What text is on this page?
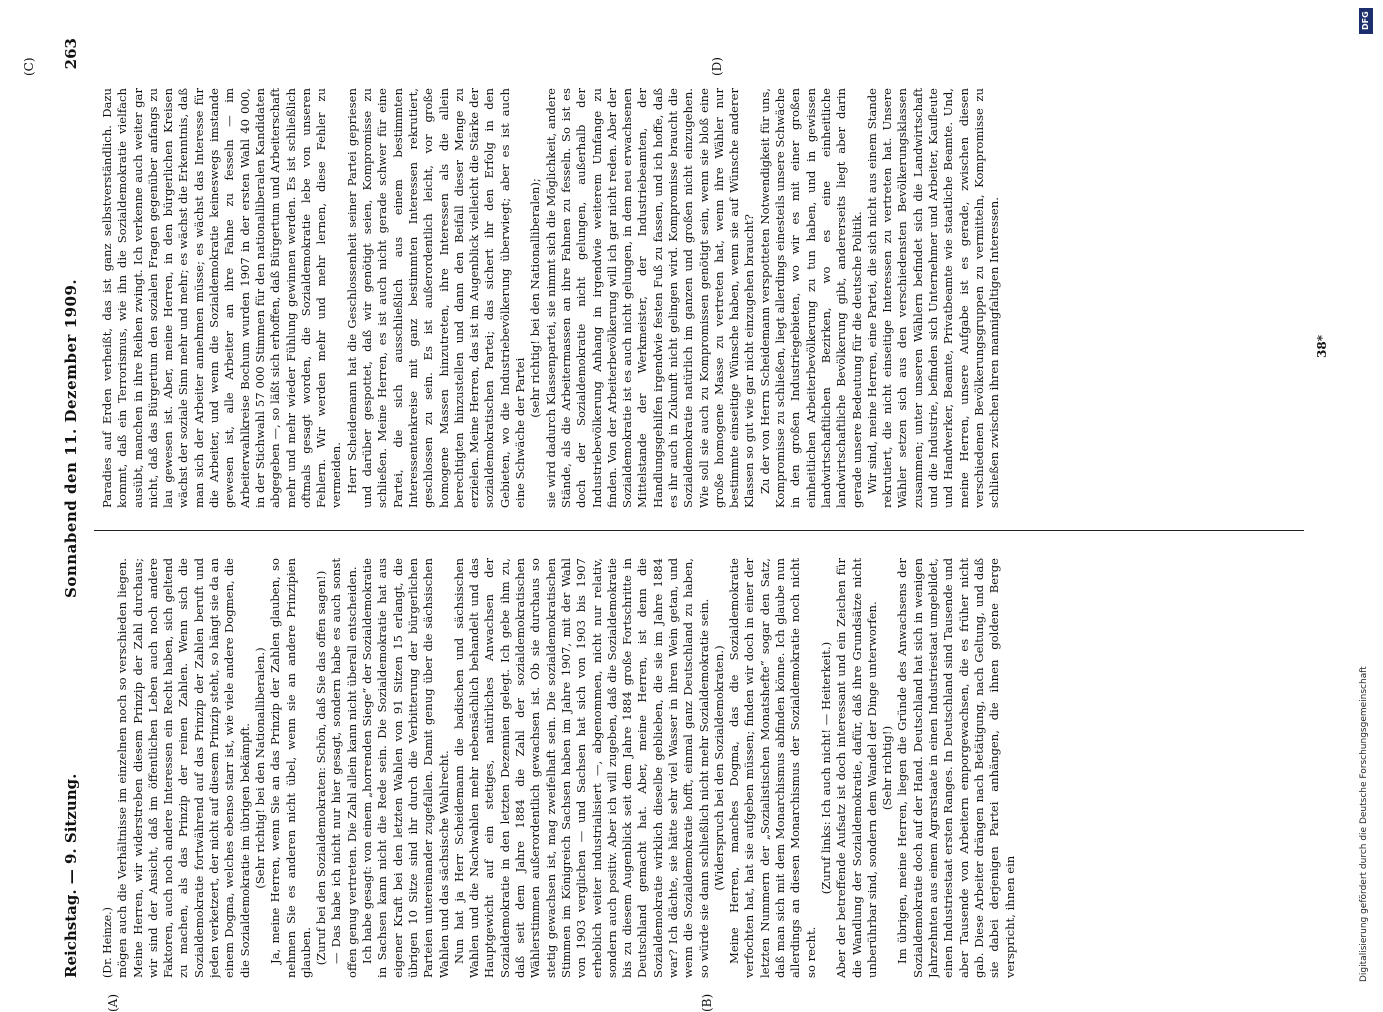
Reichstag. — 9. Sitzung.
Sonnabend den 11. Dezember 1909.
263
(A)	(B)
(C)	(D)

(Dr. Heinze.) mögen auch die Verhältnisse im einzelnen noch so verschieden liegen. Meine Herren, wir widerstreben diesem Prinzip der Zahl durchaus; wir sind der Ansicht, daß im öffentlichen Leben auch noch andere Faktoren, auch noch andere Interessen ein Recht haben, sich geltend zu machen, als das Prinzip der reinen Zahlen. Wenn sich die Sozialdemokratie fortwährend auf das Prinzip der Zahlen beruft und jeden verketzert, der nicht auf diesem Prinzip steht, so hängt sie da an einem Dogma, welches ebenso starr ist, wie viele andere Dogmen, die die Sozialdemokratie im übrigen bekämpft. (Sehr richtig! bei den Nationalliberalen.) Ja, meine Herren, wenn Sie an das Prinzip der Zahlen glauben, so nehmen Sie es anderen nicht übel, wenn sie an andere Prinzipien glauben. (Zuruf bei den Sozialdemokraten: Schön, daß Sie das offen sagen!) — Das habe ich nicht nur hier gesagt, sondern habe es auch sonst offen genug vertreten. Die Zahl allein kann nicht überall entscheiden. Ich habe gesagt: von einem „horrenden Siege“ der Sozialdemokratie in Sachsen kann nicht die Rede sein. Die Sozialdemokratie hat aus eigener Kraft bei den letzten Wahlen von 91 Sitzen 15 erlangt, die übrigen 10 Sitze sind ihr durch die Verbitterung der bürgerlichen Parteien untereinander zugefallen. Damit genug über die sächsischen Wahlen und das sächsische Wahlrecht. Nun hat ja Herr Scheidemann die badischen und sächsischen Wahlen und die Nachwahlen mehr nebensächlich behandelt und das Hauptgewicht auf ein stetiges, natürliches Anwachsen der Sozialdemokratie in den letzten Dezennien gelegt. Ich gebe ihm zu, daß seit dem Jahre 1884 die Zahl der sozialdemokratischen Wählerstimmen außerordentlich gewachsen ist. Ob sie durchaus so stetig gewachsen ist, mag zweifelhaft sein. Die sozialdemokratischen Stimmen im Königreich Sachsen haben im Jahre 1907, mit der Wahl von 1903 verglichen — und Sachsen hat sich von 1903 bis 1907 erheblich weiter industrialisiert —, abgenommen, nicht nur relativ, sondern auch positiv. Aber ich will zugeben, daß die Sozialdemokratie bis zu diesem Augenblick seit dem Jahre 1884 große Fortschritte in Deutschland gemacht hat. Aber, meine Herren, ist denn die Sozialdemokratie wirklich dieselbe geblieben, die sie im Jahre 1884 war? Ich dächte, sie hätte sehr viel Wasser in ihren Wein getan, und wenn die Sozialdemokratie hofft, einmal ganz Deutschland zu haben, so würde sie dann schließlich nicht mehr Sozialdemokratie sein. (Widerspruch bei den Sozialdemokraten.) Meine Herren, manches Dogma, das die Sozialdemokratie verfochten hat, hat sie aufgeben müssen; finden wir doch in einer der letzten Nummern der „Sozialistischen Monatshefte“ sogar den Satz, daß man sich mit dem Monarchismus abfinden könne. Ich glaube nun allerdings an diesen Monarchismus der Sozialdemokratie noch nicht so recht.

(Zuruf links: Ich auch nicht! — Heiterkeit.) Aber der betreffende Aufsatz ist doch interessant und ein Zeichen für die Wandlung der Sozialdemokratie, dafür, daß ihre Grundsätze nicht unberührbar sind, sondern dem Wandel der Dinge unterworfen. (Sehr richtig!) Im übrigen, meine Herren, liegen die Gründe des Anwachsens der Sozialdemokratie doch auf der Hand. Deutschland hat sich in wenigen Jahrzehnten aus einem Agrarstaate in einen Industriestaat umgebildet, einen Industriestaat ersten Ranges. In Deutschland sind Tausende und aber Tausende von Arbeitern emporgewachsen, die es früher nicht gab. Diese Arbeiter drängen nach Betätigung, nach Geltung, und daß sie dabei derjenigen Partei anhängen, die ihnen goldene Berge verspricht, ihnen ein

Paradies auf Erden verheißt, das ist ganz selbstverständlich. Dazu kommt, daß ein Terrorismus, wie ihn die Sozialdemokratie vielfach ausübt, manchen in ihre Reihen zwingt. Ich verkenne auch weiter gar nicht, daß das Bürgertum den sozialen Fragen gegenüber anfangs zu lau gewesen ist. Aber, meine Herren, in den bürgerlichen Kreisen wächst der soziale Sinn mehr und mehr; es wächst die Erkenntnis, daß man sich der Arbeiter annehmen müsse; es wächst das Interesse für die Arbeiter, und wenn die Sozialdemokratie keineswegs imstande gewesen ist, alle Arbeiter an ihre Fahne zu fesseln — im Arbeiterwahlkreise Bochum wurden 1907 in der ersten Wahl 40 000, in der Stichwahl 57 000 Stimmen für den nationalliberalen Kandidaten abgegeben —, so läßt sich erhoffen, daß Bürgertum und Arbeiterschaft mehr und mehr wieder Fühlung gewinnen werden. Es ist schließlich oftmals gesagt worden, die Sozialdemokratie lebe von unseren Fehlern. Wir werden mehr und mehr lernen, diese Fehler zu vermeiden. Herr Scheidemann hat die Geschlossenheit seiner Partei gepriesen und darüber gespottet, daß wir genötigt seien, Kompromisse zu schließen. Meine Herren, es ist auch nicht gerade schwer für eine Partei, die sich ausschließlich aus einem bestimmten Interessentenkreise mit ganz bestimmten Interessen rekrutiert, geschlossen zu sein. Es ist außerordentlich leicht, vor große homogene Massen hinzutreten, ihre Interessen als die allein berechtigten hinzustellen und dann den Beifall dieser Menge zu erzielen. Meine Herren, das ist im Augenblick vielleicht die Stärke der sozialdemokratischen Partei; das sichert ihr den Erfolg in den Gebieten, wo die Industriebevölkerung überwiegt; aber es ist auch eine Schwäche der Partei

(sehr richtig! bei den Nationalliberalen); sie wird dadurch Klassenpartei, sie nimmt sich die Möglichkeit, andere Stände, als die Arbeitermassen an ihre Fahnen zu fesseln. So ist es doch der Sozialdemokratie nicht gelungen, außerhalb der Industriebevölkerung Anhang in irgendwie weiterem Umfange zu finden. Von der Arbeiterbevölkerung will ich gar nicht reden. Aber der Sozialdemokratie ist es auch nicht gelungen, in dem neu erwachsenen Mittelstande der Werkmeister, der Industriebeamten, der Handlungsgehilfen irgendwie festen Fuß zu fassen, und ich hoffe, daß es ihr auch in Zukunft nicht gelingen wird. Kompromisse braucht die Sozialdemokratie natürlich im ganzen und großen nicht einzugehen. Wie soll sie auch zu Kompromissen genötigt sein, wenn sie bloß eine große homogene Masse zu vertreten hat, wenn ihre Wähler nur bestimmte einseitige Wünsche haben, wenn sie auf Wünsche anderer Klassen so gut wie gar nicht einzugehen braucht? Zu der von Herrn Scheidemann verspotteten Notwendigkeit für uns, Kompromisse zu schließen, liegt allerdings einesteils unsere Schwäche in den großen Industriegebieten, wo wir es mit einer großen einheitlichen Arbeiterbevölkerung zu tun haben, und in gewissen landwirtschaftlichen Bezirken, wo es eine einheitliche landwirtschaftliche Bevölkerung gibt, andererseits liegt aber darin gerade unsere Bedeutung für die deutsche Politik. Wir sind, meine Herren, eine Partei, die sich nicht aus einem Stande rekrutiert, die nicht einseitige Interessen zu vertreten hat. Unsere Wähler setzen sich aus den verschiedensten Bevölkerungsklassen zusammen; unter unseren Wählern befindet sich die Landwirtschaft und die Industrie, befinden sich Unternehmer und Arbeiter, Kaufleute und Handwerker, Beamte, Privatbeamte wie staatliche Beamte. Und, meine Herren, unsere Aufgabe ist es gerade, zwischen diesen verschiedenen Bevölkerungsgruppen zu vermitteln, Kompromisse zu schließen zwischen ihren mannigfaltigen Interessen.	38*
DFG
Digitalisierung gefördert durch die Deutsche Forschungsgemeinschaft
